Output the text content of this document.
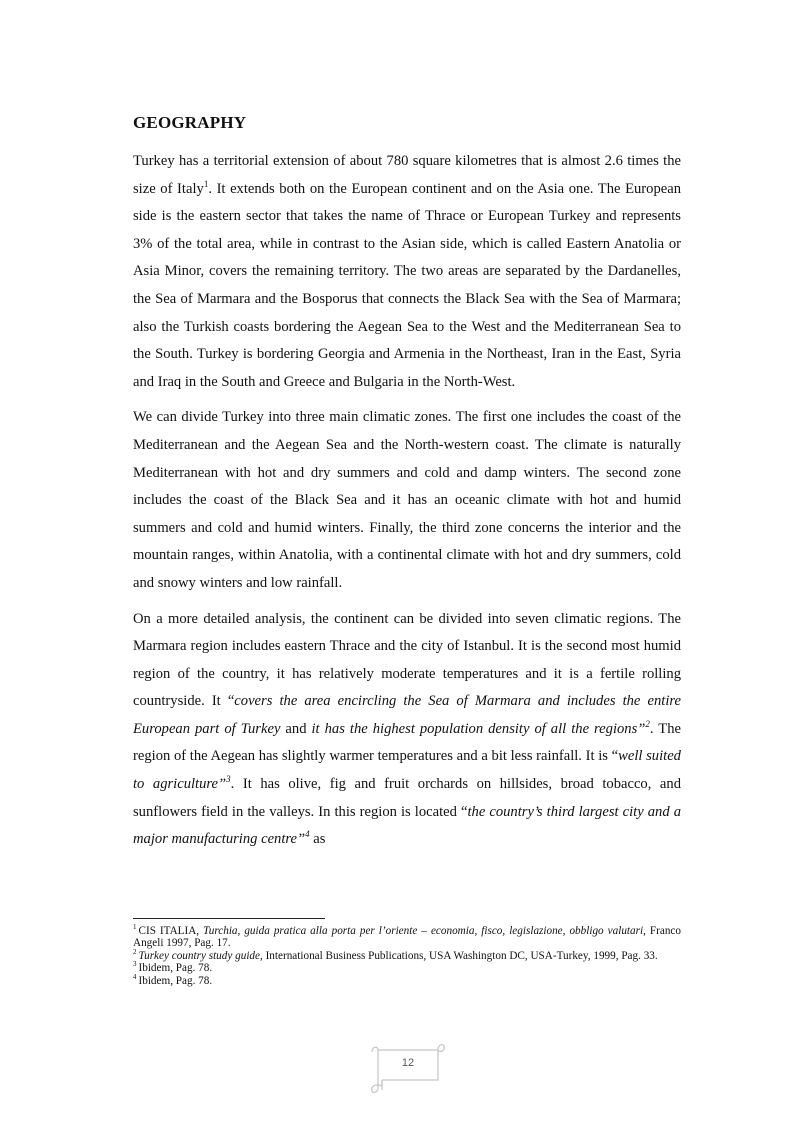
GEOGRAPHY

Turkey has a territorial extension of about 780 square kilometres that is almost 2.6 times the size of Italy$^1$. It extends both on the European continent and on the Asia one. The European side is the eastern sector that takes the name of Thrace or European Turkey and represents 3% of the total area, while in contrast to the Asian side, which is called Eastern Anatolia or Asia Minor, covers the remaining territory. The two areas are separated by the Dardanelles, the Sea of Marmara and the Bosporus that connects the Black Sea with the Sea of Marmara; also the Turkish coasts bordering the Aegean Sea to the West and the Mediterranean Sea to the South. Turkey is bordering Georgia and Armenia in the Northeast, Iran in the East, Syria and Iraq in the South and Greece and Bulgaria in the North-West.

We can divide Turkey into three main climatic zones. The first one includes the coast of the Mediterranean and the Aegean Sea and the North-western coast. The climate is naturally Mediterranean with hot and dry summers and cold and damp winters. The second zone includes the coast of the Black Sea and it has an oceanic climate with hot and humid summers and cold and humid winters. Finally, the third zone concerns the interior and the mountain ranges, within Anatolia, with a continental climate with hot and dry summers, cold and snowy winters and low rainfall.

On a more detailed analysis, the continent can be divided into seven climatic regions. The Marmara region includes eastern Thrace and the city of Istanbul. It is the second most humid region of the country, it has relatively moderate temperatures and it is a fertile rolling countryside. It “covers the area encircling the Sea of Marmara and includes the entire European part of Turkey and it has the highest population density of all the regions”$^2$. The region of the Aegean has slightly warmer temperatures and a bit less rainfall. It is “well suited to agriculture”$^3$. It has olive, fig and fruit orchards on hillsides, broad tobacco, and sunflowers field in the valleys. In this region is located “the country’s third largest city and a major manufacturing centre”$^4$ as

$^1$ CIS ITALIA, Turchia, guida pratica alla porta per l’oriente – economia, fisco, legislazione, obbligo valutari, Franco Angeli 1997, Pag. 17.

$^2$ Turkey country study guide, International Business Publications, USA Washington DC, USA-Turkey, 1999, Pag. 33.

$^3$ Ibidem, Pag. 78.

$^4$ Ibidem, Pag. 78.

12
